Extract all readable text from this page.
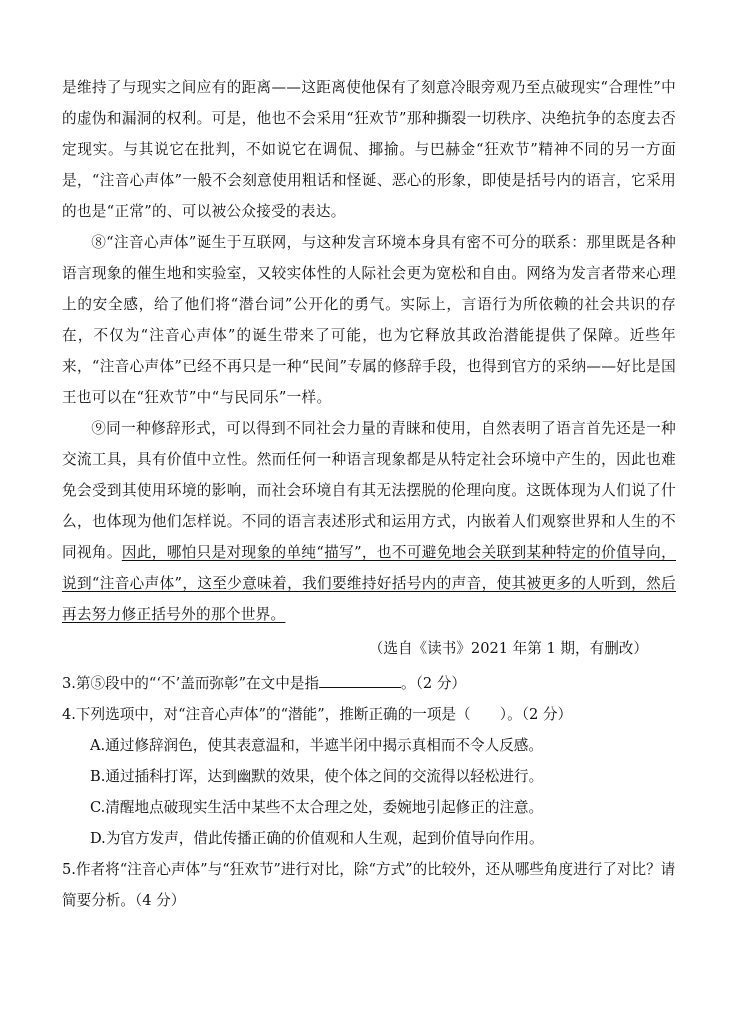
是维持了与现实之间应有的距离——这距离使他保有了刻意冷眼旁观乃至点破现实“合理性”中的虚伪和漏洞的权利。可是，他也不会采用“狂欢节”那种撕裂一切秩序、决绝抗争的态度去否定现实。与其说它在批判，不如说它在调侃、揶揄。与巴赫金“狂欢节”精神不同的另一方面是，“注音心声体”一般不会刻意使用粗话和怪诞、恶心的形象，即使是括号内的语言，它采用的也是“正常”的、可以被公众接受的表达。

⑧“注音心声体”诞生于互联网，与这种发言环境本身具有密不可分的联系：那里既是各种语言现象的催生地和实验室，又较实体性的人际社会更为宽松和自由。网络为发言者带来心理上的安全感，给了他们将“潜台词”公开化的勇气。实际上，言语行为所依赖的社会共识的存在，不仅为“注音心声体”的诞生带来了可能，也为它释放其政治潜能提供了保障。近些年来，“注音心声体”已经不再只是一种“民间”专属的修辞手段，也得到官方的采纳——好比是国王也可以在“狂欢节”中“与民同乐”一样。

⑨同一种修辞形式，可以得到不同社会力量的青睐和使用，自然表明了语言首先还是一种交流工具，具有价值中立性。然而任何一种语言现象都是从特定社会环境中产生的，因此也难免会受到其使用环境的影响，而社会环境自有其无法摆脱的伦理向度。这既体现为人们说了什么，也体现为他们怎样说。不同的语言表述形式和运用方式，内嵌着人们观察世界和人生的不同视角。因此，哪怕只是对现象的单纯“描写”，也不可避免地会关联到某种特定的价值导向，说到“注音心声体”，这至少意味着，我们要维持好括号内的声音，使其被更多的人听到，然后再去努力修正括号外的那个世界。

（选自《读书》2021 年第 1 期，有删改）

3.第⑤段中的“‘不’盖而弥彰”在文中是指	。（2 分）

4.下列选项中，对“注音心声体”的“潜能”，推断正确的一项是（　　）。（2 分）

A.通过修辞润色，使其表意温和，半遮半闭中揭示真相而不令人反感。

B.通过插科打诨，达到幽默的效果，使个体之间的交流得以轻松进行。

C.清醒地点破现实生活中某些不太合理之处，委婉地引起修正的注意。

D.为官方发声，借此传播正确的价值观和人生观，起到价值导向作用。

5.作者将“注音心声体”与“狂欢节”进行对比，除“方式”的比较外，还从哪些角度进行了对比？请简要分析。（4 分）
